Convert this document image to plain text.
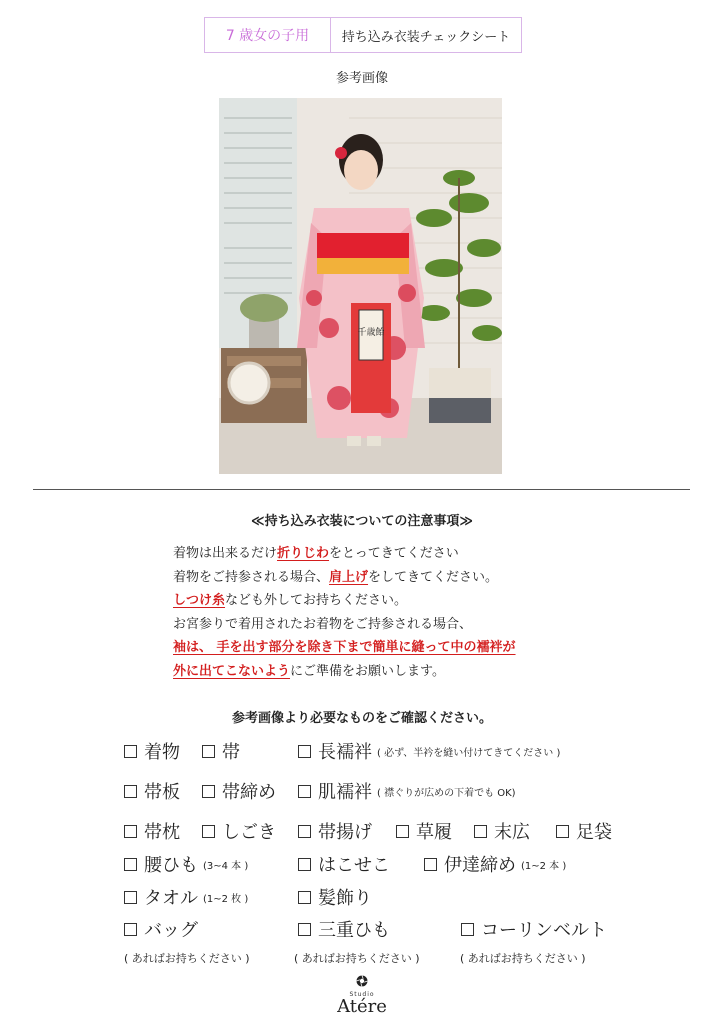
7 歳女の子用	持ち込み衣装チェックシート
参考画像
千歳飴
≪持ち込み衣装についての注意事項≫

着物は出来るだけ折りじわをとってきてください

着物をご持参される場合、肩上げをしてきてください。

しつけ糸なども外してお持ちください。

お宮参りで着用されたお着物をご持参される場合、

袖は、 手を出す部分を除き下まで簡単に縫って中の襦袢が

外に出てこないようにご準備をお願いします。

参考画像より必要なものをご確認ください。
着物 帯	長襦袢 ( 必ず、半衿を縫い付けてきてください )
帯板 帯締め 肌襦袢 ( 襟ぐりが広めの下着でも OK)
帯枕 しごき 帯揚げ 草履 末広	足袋
腰ひも (3~4 本 )	はこせこ	伊達締め (1~2 本 )
タオル (1~2 枚 )	髪飾り
バッグ	三重ひも	コーリンベルト
( あればお持ちください )	( あればお持ちください )	( あればお持ちください )
Studio
Atére
